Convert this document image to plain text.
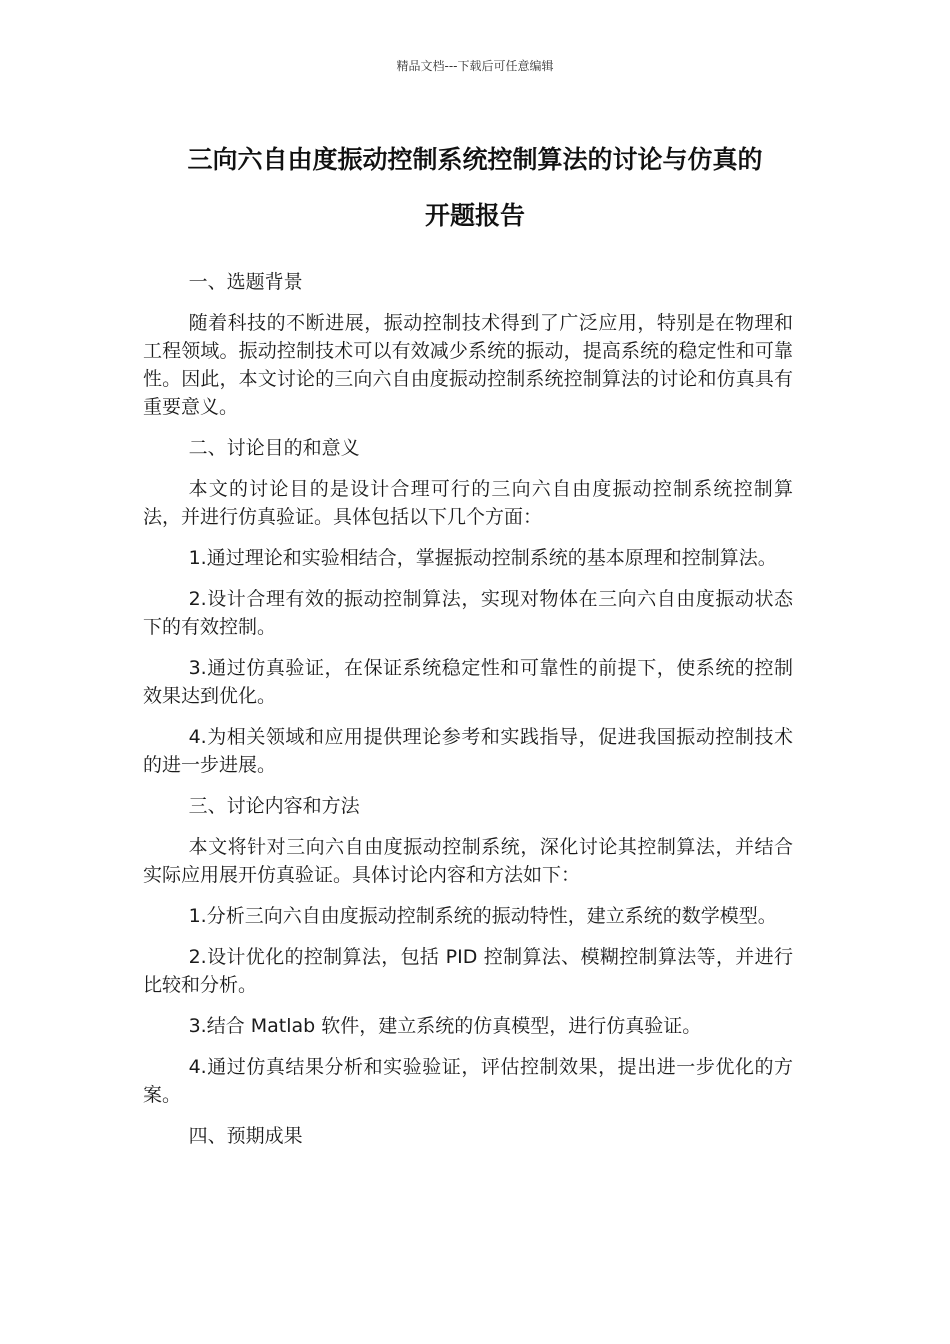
精品文档---下载后可任意编辑
三向六自由度振动控制系统控制算法的讨论与仿真的
开题报告

一、选题背景

随着科技的不断进展，振动控制技术得到了广泛应用，特别是在物理和工程领域。振动控制技术可以有效减少系统的振动，提高系统的稳定性和可靠性。因此，本文讨论的三向六自由度振动控制系统控制算法的讨论和仿真具有重要意义。

二、讨论目的和意义

本文的讨论目的是设计合理可行的三向六自由度振动控制系统控制算法，并进行仿真验证。具体包括以下几个方面：

1.通过理论和实验相结合，掌握振动控制系统的基本原理和控制算法。

2.设计合理有效的振动控制算法，实现对物体在三向六自由度振动状态下的有效控制。

3.通过仿真验证，在保证系统稳定性和可靠性的前提下，使系统的控制效果达到优化。

4.为相关领域和应用提供理论参考和实践指导，促进我国振动控制技术的进一步进展。

三、讨论内容和方法

本文将针对三向六自由度振动控制系统，深化讨论其控制算法，并结合实际应用展开仿真验证。具体讨论内容和方法如下：

1.分析三向六自由度振动控制系统的振动特性，建立系统的数学模型。

2.设计优化的控制算法，包括 PID 控制算法、模糊控制算法等，并进行比较和分析。

3.结合 Matlab 软件，建立系统的仿真模型，进行仿真验证。

4.通过仿真结果分析和实验验证，评估控制效果，提出进一步优化的方案。

四、预期成果
